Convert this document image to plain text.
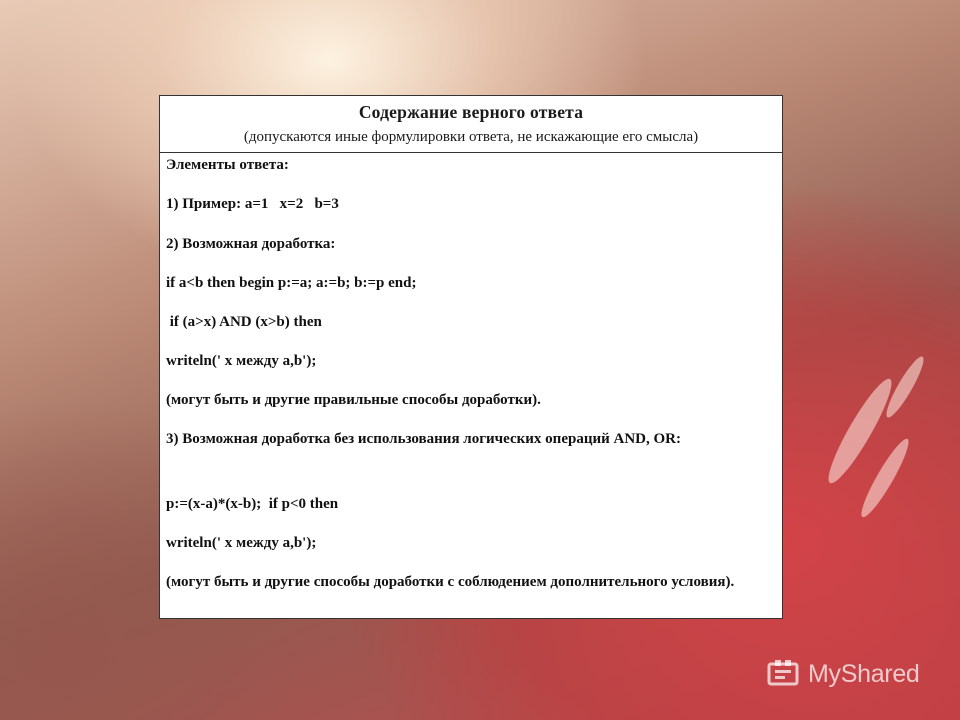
Содержание верного ответа
(допускаются иные формулировки ответа, не искажающие его смысла)
Элементы ответа:
1) Пример: a=1   x=2   b=3
2) Возможная доработка:
if a<b then begin p:=a; a:=b; b:=p end;
if (a>x) AND (x>b) then
writeln(' x между a,b');
(могут быть и другие правильные способы доработки).
3) Возможная доработка без использования логических операций AND, OR:
p:=(x-a)*(x-b);  if p<0 then
writeln(' x между a,b');
(могут быть и другие способы доработки с соблюдением дополнительного условия).
MyShared
